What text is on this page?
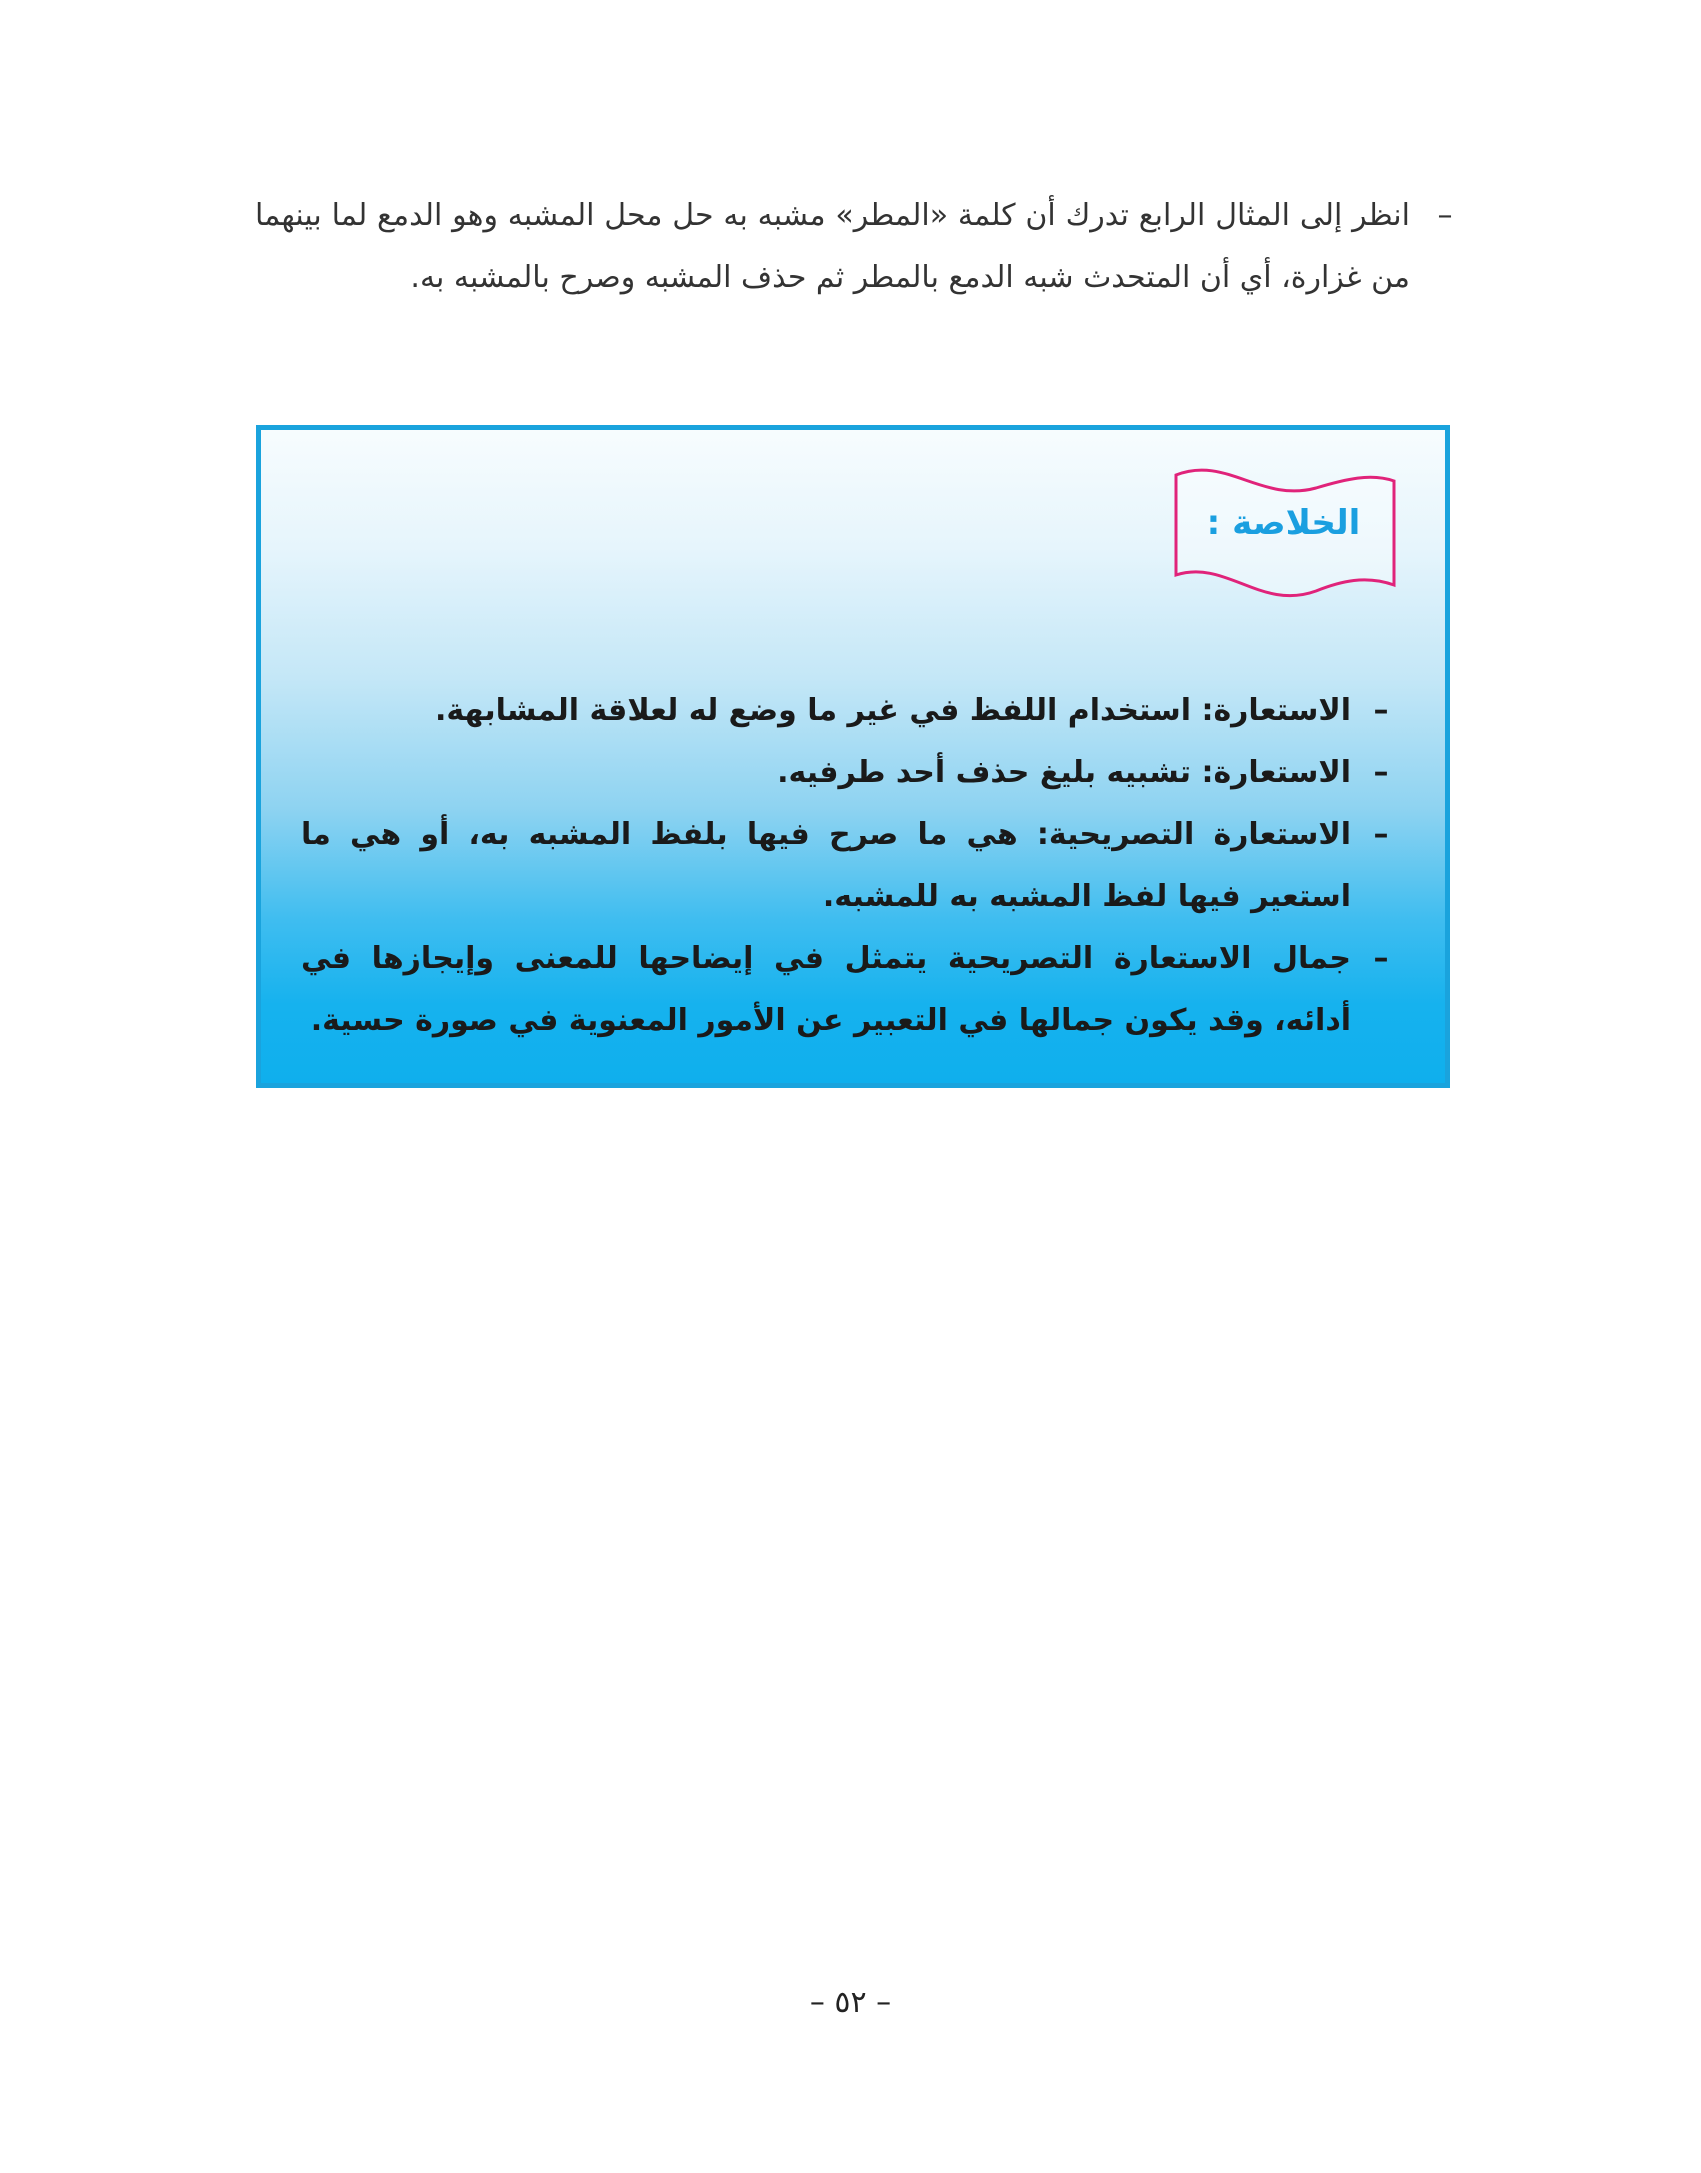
–
انظر إلى المثال الرابع تدرك أن كلمة «المطر» مشبه به حل محل المشبه وهو الدمع لما بينهما من غزارة، أي أن المتحدث شبه الدمع بالمطر ثم حذف المشبه وصرح بالمشبه به.
الخلاصة :
–
الاستعارة: استخدام اللفظ في غير ما وضع له لعلاقة المشابهة.
–
الاستعارة: تشبيه بليغ حذف أحد طرفيه.
–
الاستعارة التصريحية: هي ما صرح فيها بلفظ المشبه به، أو هي ما استعير فيها لفظ المشبه به للمشبه.
–
جمال الاستعارة التصريحية يتمثل في إيضاحها للمعنى وإيجازها في أدائه، وقد يكون جمالها في التعبير عن الأمور المعنوية في صورة حسية.
– ٥٢ –
